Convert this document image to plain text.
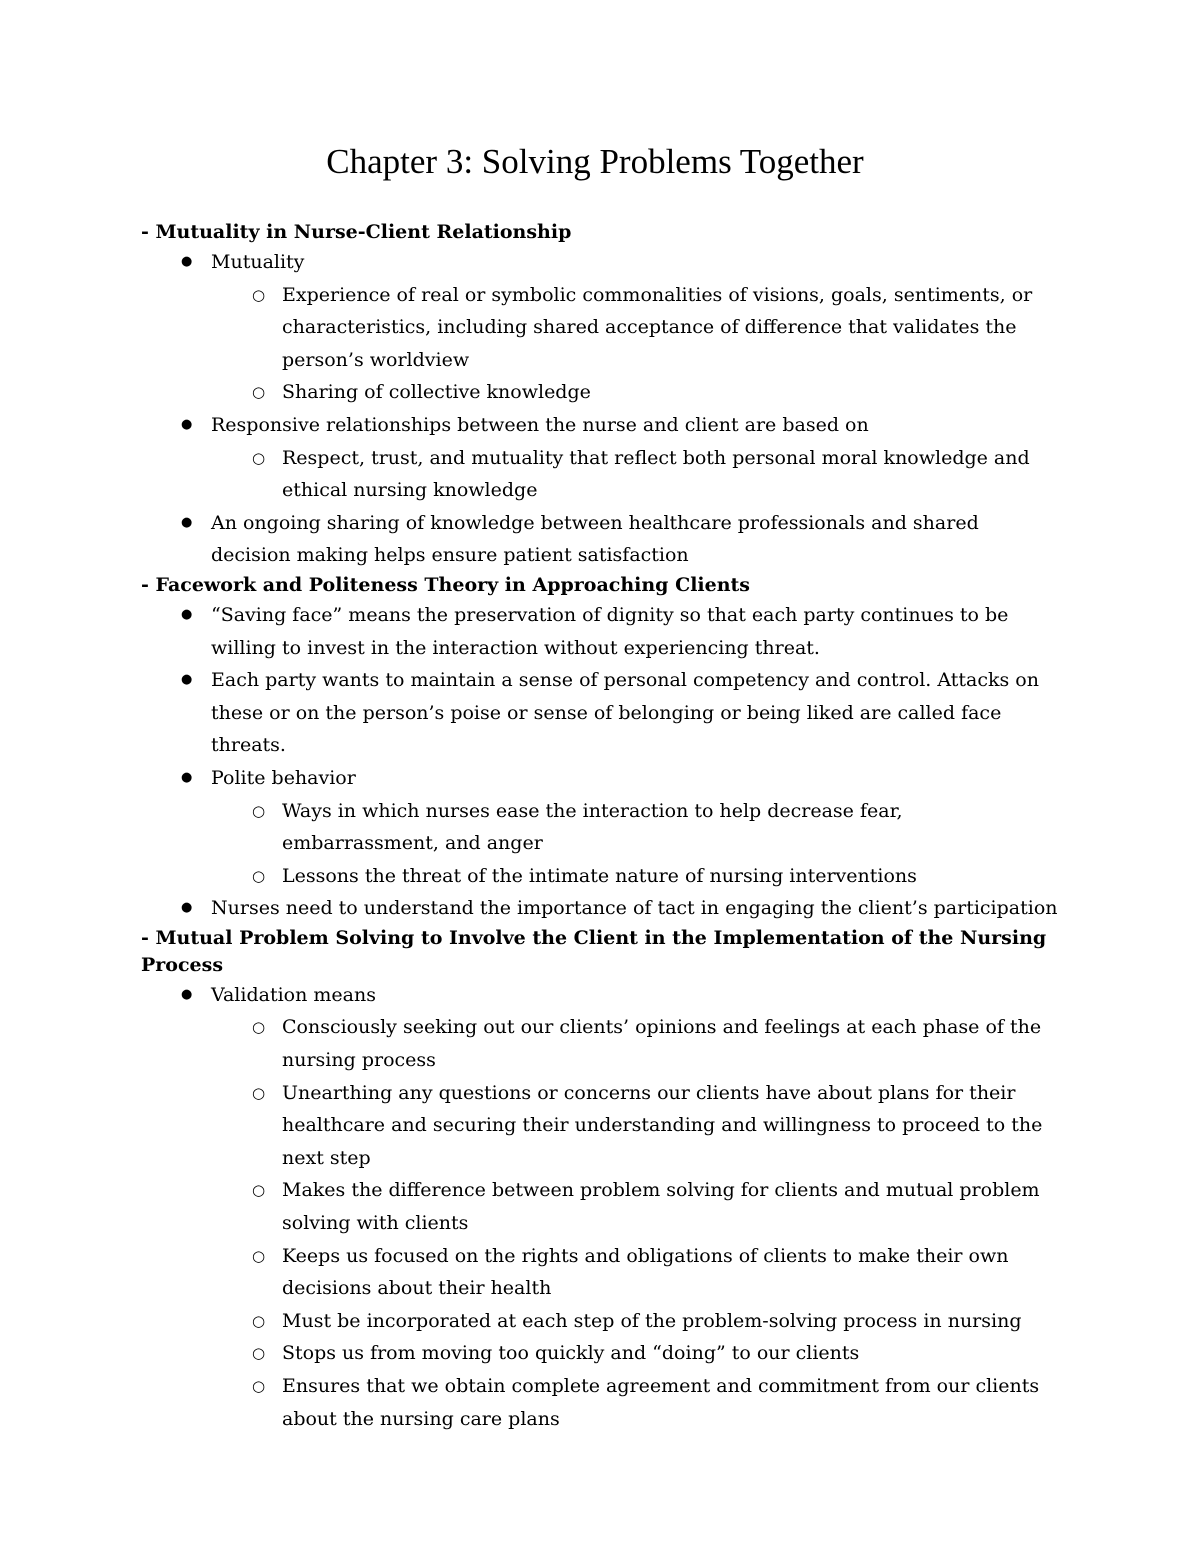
Chapter 3: Solving Problems Together
- Mutuality in Nurse-Client Relationship
● Mutuality
○ Experience of real or symbolic commonalities of visions, goals, sentiments, or characteristics, including shared acceptance of difference that validates the person’s worldview
○ Sharing of collective knowledge
● Responsive relationships between the nurse and client are based on
○ Respect, trust, and mutuality that reflect both personal moral knowledge and ethical nursing knowledge
● An ongoing sharing of knowledge between healthcare professionals and shared decision making helps ensure patient satisfaction
- Facework and Politeness Theory in Approaching Clients
● “Saving face” means the preservation of dignity so that each party continues to be willing to invest in the interaction without experiencing threat.
● Each party wants to maintain a sense of personal competency and control. Attacks on these or on the person’s poise or sense of belonging or being liked are called face threats.
● Polite behavior
○ Ways in which nurses ease the interaction to help decrease fear, embarrassment, and anger
○ Lessons the threat of the intimate nature of nursing interventions
● Nurses need to understand the importance of tact in engaging the client’s participation
- Mutual Problem Solving to Involve the Client in the Implementation of the Nursing Process
● Validation means
○ Consciously seeking out our clients’ opinions and feelings at each phase of the nursing process
○ Unearthing any questions or concerns our clients have about plans for their healthcare and securing their understanding and willingness to proceed to the next step
○ Makes the difference between problem solving for clients and mutual problem solving with clients
○ Keeps us focused on the rights and obligations of clients to make their own decisions about their health
○ Must be incorporated at each step of the problem-solving process in nursing
○ Stops us from moving too quickly and “doing” to our clients
○ Ensures that we obtain complete agreement and commitment from our clients about the nursing care plans
